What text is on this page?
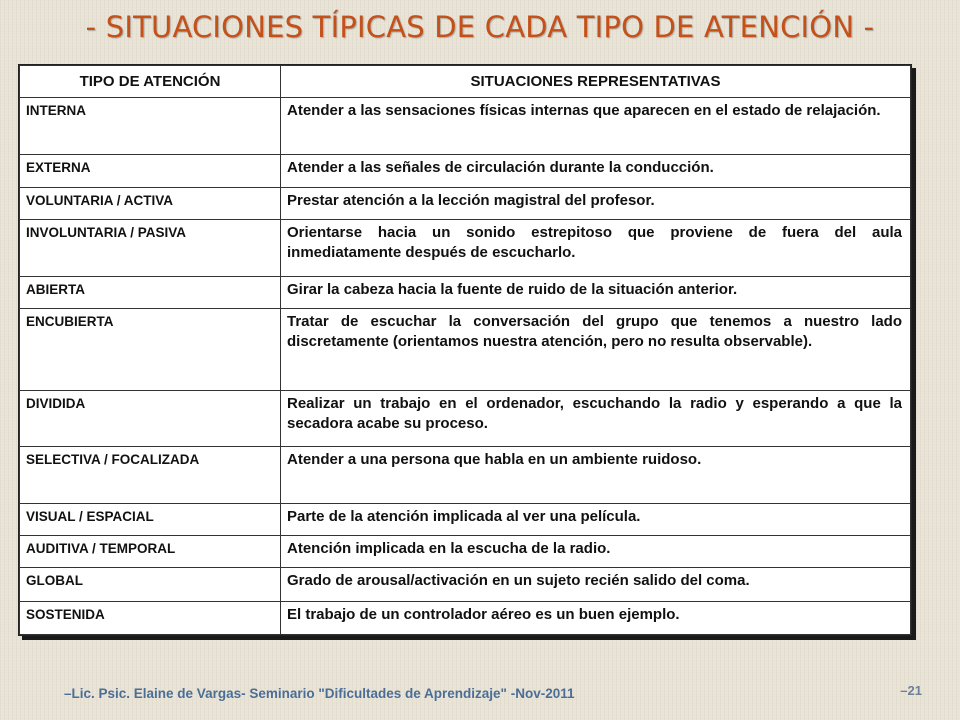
- SITUACIONES TÍPICAS DE CADA TIPO DE ATENCIÓN -
TIPO DE ATENCIÓN	SITUACIONES REPRESENTATIVAS
INTERNA	Atender a las sensaciones físicas internas que aparecen en el estado de relajación.
EXTERNA	Atender a las señales de circulación durante la conducción.
VOLUNTARIA / ACTIVA	Prestar atención a la lección magistral del profesor.
INVOLUNTARIA / PASIVA	Orientarse hacia un sonido estrepitoso que proviene de fuera del aula inmediatamente después de escucharlo.
ABIERTA	Girar la cabeza hacia la fuente de ruido de la situación anterior.
ENCUBIERTA	Tratar de escuchar la conversación del grupo que tenemos a nuestro lado discretamente (orientamos nuestra atención, pero no resulta observable).
DIVIDIDA	Realizar un trabajo en el ordenador, escuchando la radio y esperando a que la secadora acabe su proceso.
SELECTIVA / FOCALIZADA	Atender a una persona que habla en un ambiente ruidoso.
VISUAL / ESPACIAL	Parte de la atención implicada al ver una película.
AUDITIVA / TEMPORAL	Atención implicada en la escucha de la radio.
GLOBAL	Grado de arousal/activación en un sujeto recién salido del coma.
SOSTENIDA	El trabajo de un controlador aéreo es un buen ejemplo.
–Lic. Psic. Elaine de Vargas- Seminario "Dificultades de Aprendizaje" -Nov-2011	–21
